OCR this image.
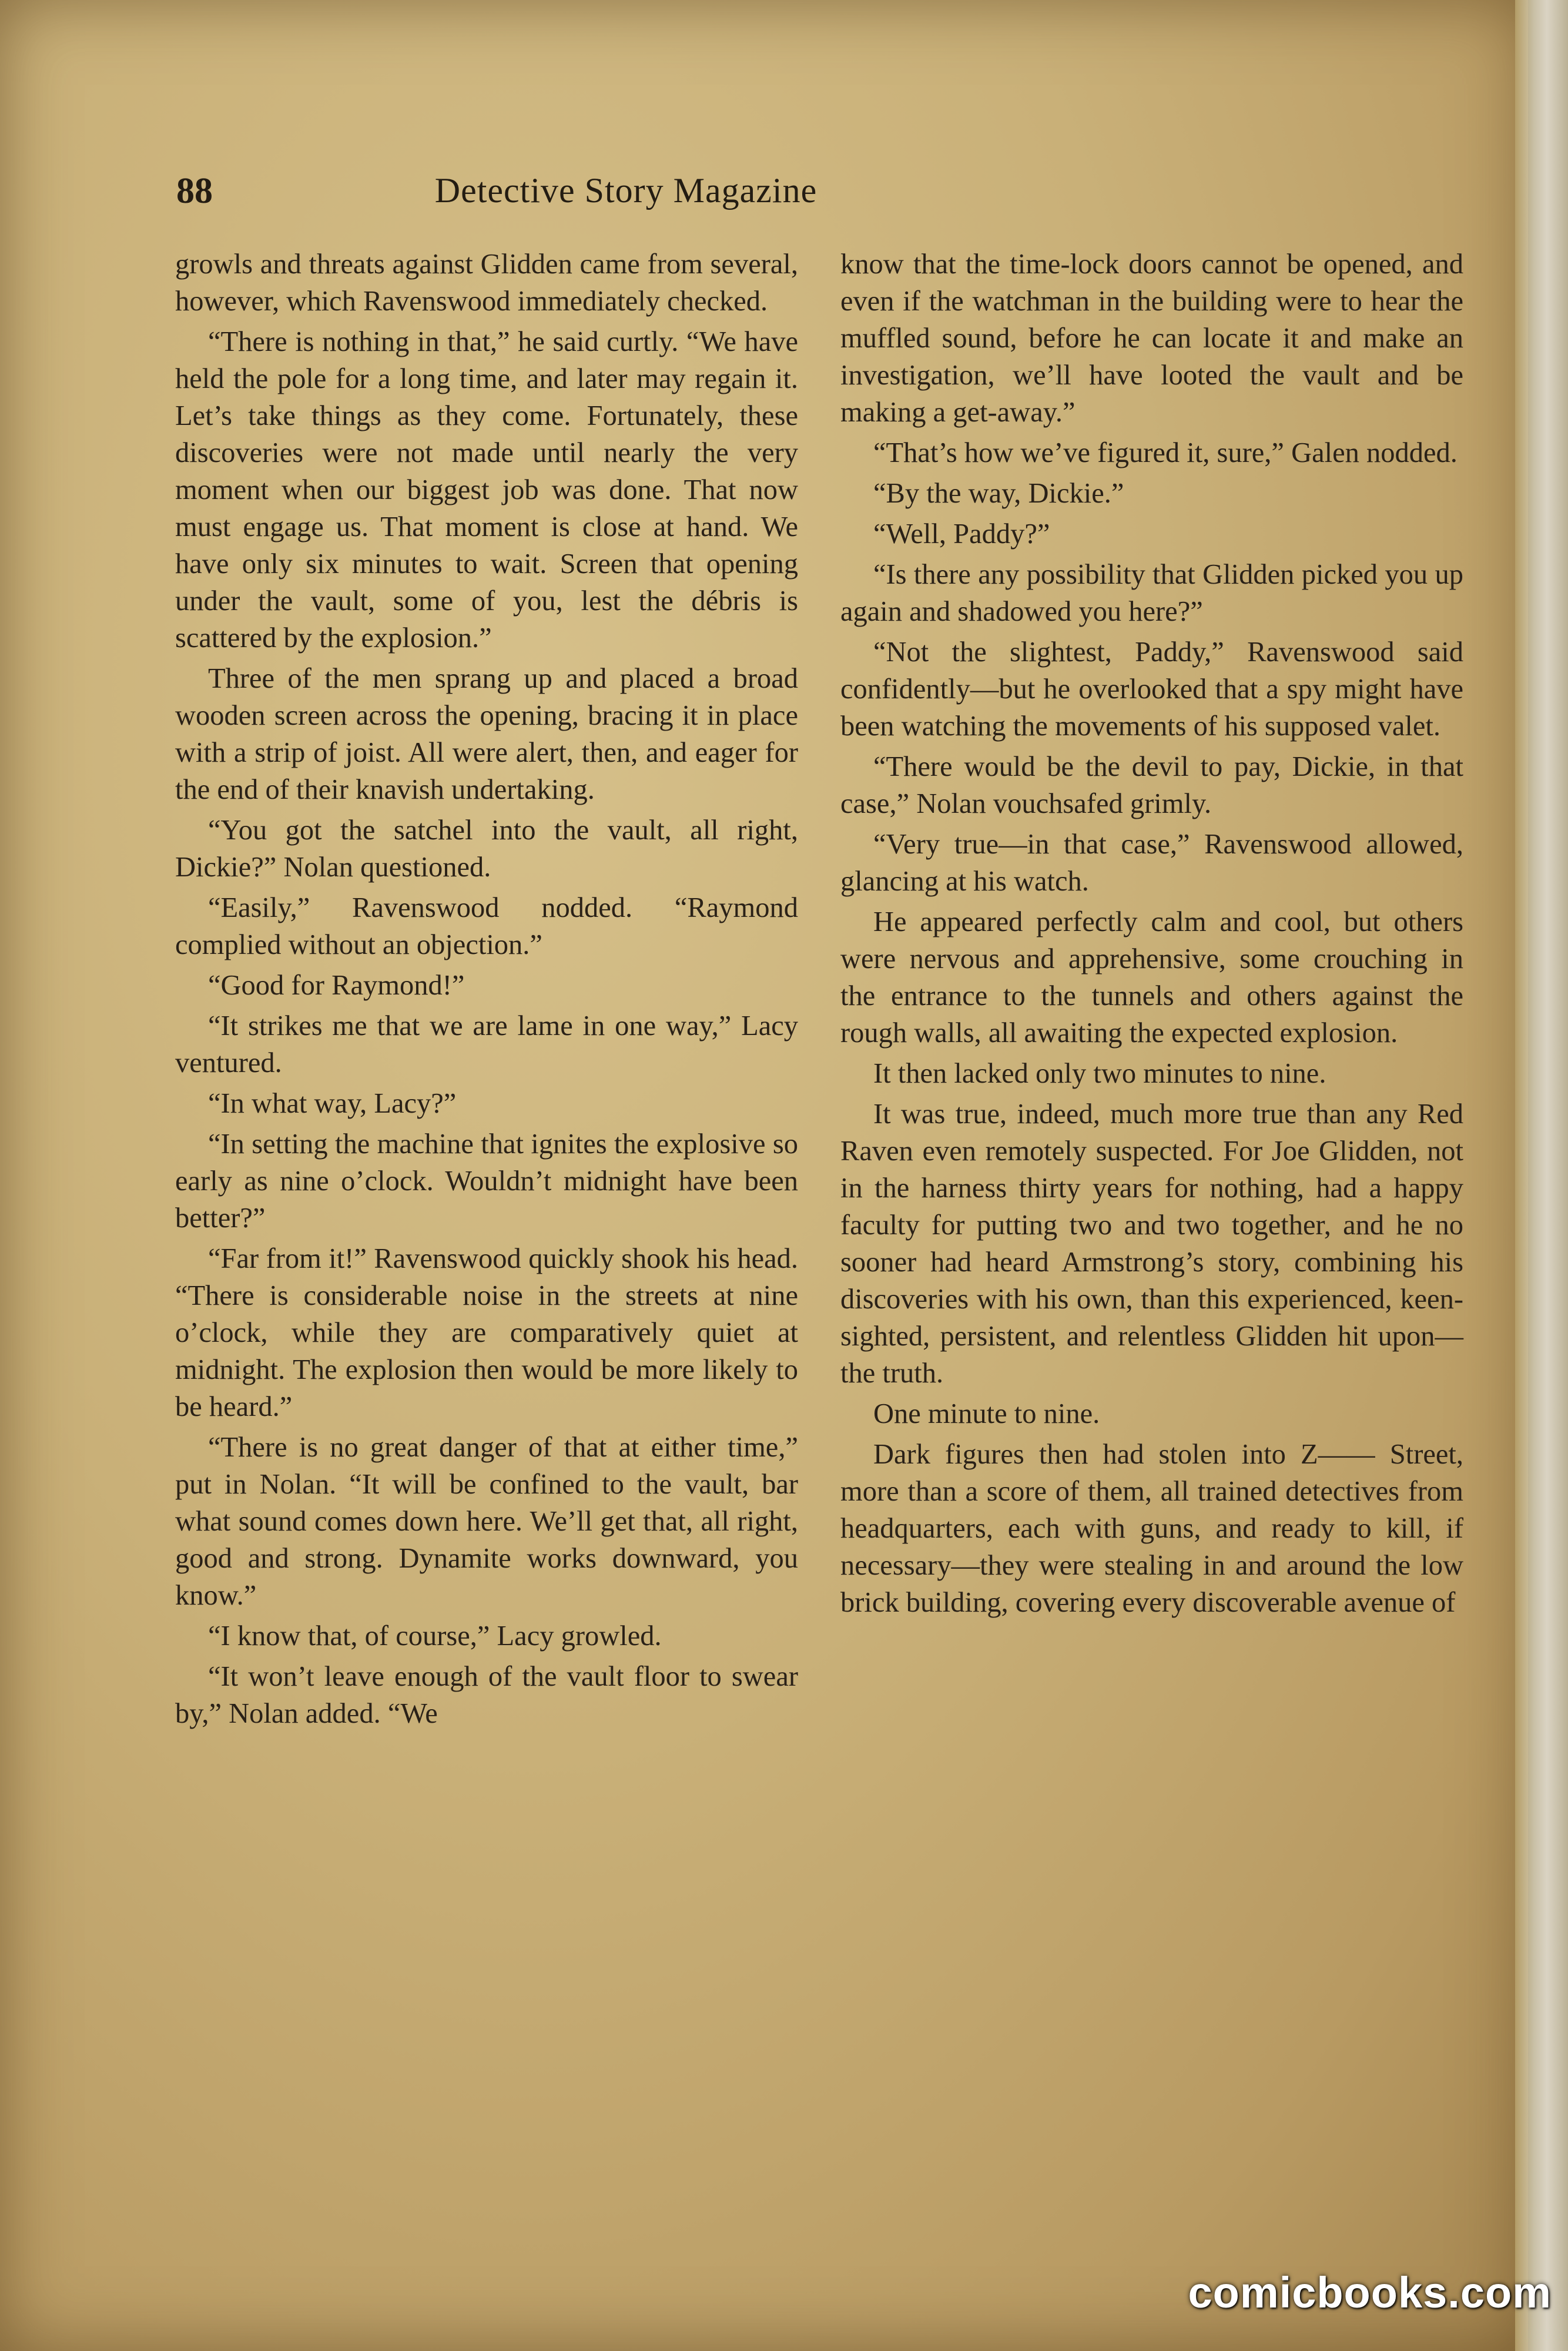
Detective Story Magazine
88

growls and threats against Glidden came from several, however, which Ravenswood immediately checked.

“There is nothing in that,” he said curtly. “We have held the pole for a long time, and later may regain it. Let’s take things as they come. Fortunately, these discoveries were not made until nearly the very moment when our biggest job was done. That now must engage us. That moment is close at hand. We have only six minutes to wait. Screen that opening under the vault, some of you, lest the débris is scattered by the explosion.”

Three of the men sprang up and placed a broad wooden screen across the opening, bracing it in place with a strip of joist. All were alert, then, and eager for the end of their knavish undertaking.

“You got the satchel into the vault, all right, Dickie?” Nolan questioned.

“Easily,” Ravenswood nodded. “Raymond complied without an objection.”

“Good for Raymond!”

“It strikes me that we are lame in one way,” Lacy ventured.

“In what way, Lacy?”

“In setting the machine that ignites the explosive so early as nine o’clock. Wouldn’t midnight have been better?”

“Far from it!” Ravenswood quickly shook his head. “There is considerable noise in the streets at nine o’clock, while they are comparatively quiet at midnight. The explosion then would be more likely to be heard.”

“There is no great danger of that at either time,” put in Nolan. “It will be confined to the vault, bar what sound comes down here. We’ll get that, all right, good and strong. Dynamite works downward, you know.”

“I know that, of course,” Lacy growled.

“It won’t leave enough of the vault floor to swear by,” Nolan added. “We

know that the time-lock doors cannot be opened, and even if the watchman in the building were to hear the muffled sound, before he can locate it and make an investigation, we’ll have looted the vault and be making a get-away.”

“That’s how we’ve figured it, sure,” Galen nodded.

“By the way, Dickie.”

“Well, Paddy?”

“Is there any possibility that Glidden picked you up again and shadowed you here?”

“Not the slightest, Paddy,” Ravenswood said confidently—but he overlooked that a spy might have been watching the movements of his supposed valet.

“There would be the devil to pay, Dickie, in that case,” Nolan vouchsafed grimly.

“Very true—in that case,” Ravenswood allowed, glancing at his watch.

He appeared perfectly calm and cool, but others were nervous and apprehensive, some crouching in the entrance to the tunnels and others against the rough walls, all awaiting the expected explosion.

It then lacked only two minutes to nine.

It was true, indeed, much more true than any Red Raven even remotely suspected. For Joe Glidden, not in the harness thirty years for nothing, had a happy faculty for putting two and two together, and he no sooner had heard Armstrong’s story, combining his discoveries with his own, than this experienced, keen-sighted, persistent, and relentless Glidden hit upon—the truth.

One minute to nine.

Dark figures then had stolen into Z—— Street, more than a score of them, all trained detectives from headquarters, each with guns, and ready to kill, if necessary—they were stealing in and around the low brick building, covering every discoverable avenue of

comicbooks.com
